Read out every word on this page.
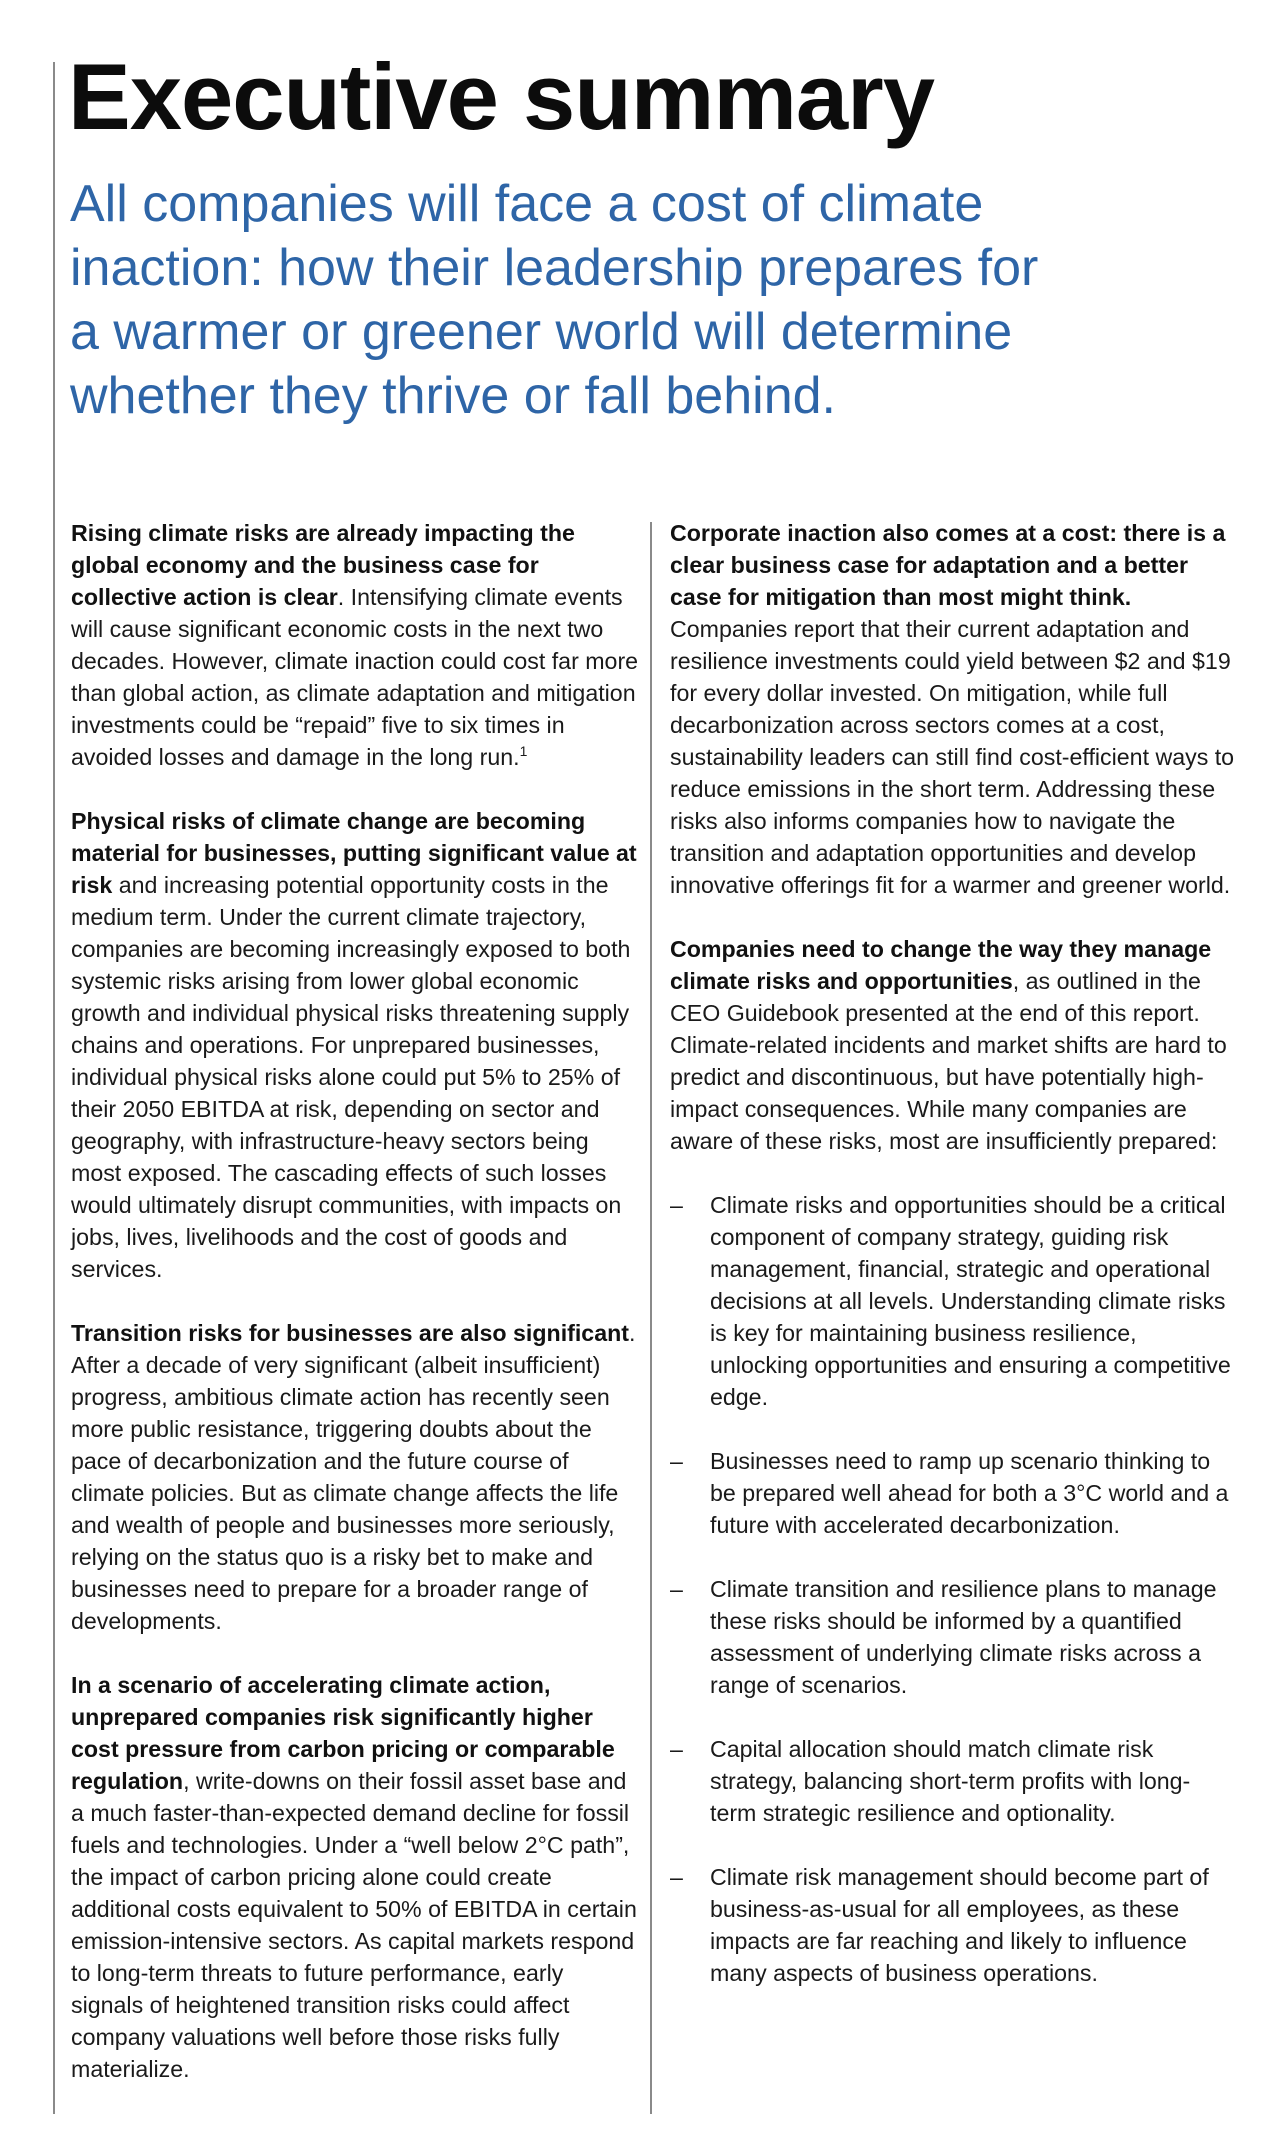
Executive summary

All companies will face a cost of climate
inaction: how their leadership prepares for
a warmer or greener world will determine
whether they thrive or fall behind.

Rising climate risks are already impacting the global economy and the business case for collective action is clear. Intensifying climate events will cause significant economic costs in the next two decades. However, climate inaction could cost far more than global action, as climate adaptation and mitigation investments could be “repaid” five to six times in avoided losses and damage in the long run.$^1$

Physical risks of climate change are becoming material for businesses, putting significant value at risk and increasing potential opportunity costs in the medium term. Under the current climate trajectory, companies are becoming increasingly exposed to both systemic risks arising from lower global economic growth and individual physical risks threatening supply chains and operations. For unprepared businesses, individual physical risks alone could put 5% to 25% of their 2050 EBITDA at risk, depending on sector and geography, with infrastructure-heavy sectors being most exposed. The cascading effects of such losses would ultimately disrupt communities, with impacts on jobs, lives, livelihoods and the cost of goods and services.

Transition risks for businesses are also significant. After a decade of very significant (albeit insufficient) progress, ambitious climate action has recently seen more public resistance, triggering doubts about the pace of decarbonization and the future course of climate policies. But as climate change affects the life and wealth of people and businesses more seriously, relying on the status quo is a risky bet to make and businesses need to prepare for a broader range of developments.

In a scenario of accelerating climate action, unprepared companies risk significantly higher cost pressure from carbon pricing or comparable regulation, write-downs on their fossil asset base and a much faster-than-expected demand decline for fossil fuels and technologies. Under a “well below 2°C path”, the impact of carbon pricing alone could create additional costs equivalent to 50% of EBITDA in certain emission-intensive sectors. As capital markets respond to long-term threats to future performance, early signals of heightened transition risks could affect company valuations well before those risks fully materialize.

Corporate inaction also comes at a cost: there is a clear business case for adaptation and a better case for mitigation than most might think. Companies report that their current adaptation and resilience investments could yield between $2 and $19 for every dollar invested. On mitigation, while full decarbonization across sectors comes at a cost, sustainability leaders can still find cost-efficient ways to reduce emissions in the short term. Addressing these risks also informs companies how to navigate the transition and adaptation opportunities and develop innovative offerings fit for a warmer and greener world.

Companies need to change the way they manage climate risks and opportunities, as outlined in the CEO Guidebook presented at the end of this report. Climate-related incidents and market shifts are hard to predict and discontinuous, but have potentially high-impact consequences. While many companies are aware of these risks, most are insufficiently prepared:

– Climate risks and opportunities should be a critical component of company strategy, guiding risk management, financial, strategic and operational decisions at all levels. Understanding climate risks is key for maintaining business resilience, unlocking opportunities and ensuring a competitive edge.
– Businesses need to ramp up scenario thinking to be prepared well ahead for both a 3°C world and a future with accelerated decarbonization.
– Climate transition and resilience plans to manage these risks should be informed by a quantified assessment of underlying climate risks across a range of scenarios.
– Capital allocation should match climate risk strategy, balancing short-term profits with long-term strategic resilience and optionality.
– Climate risk management should become part of business-as-usual for all employees, as these impacts are far reaching and likely to influence many aspects of business operations.
